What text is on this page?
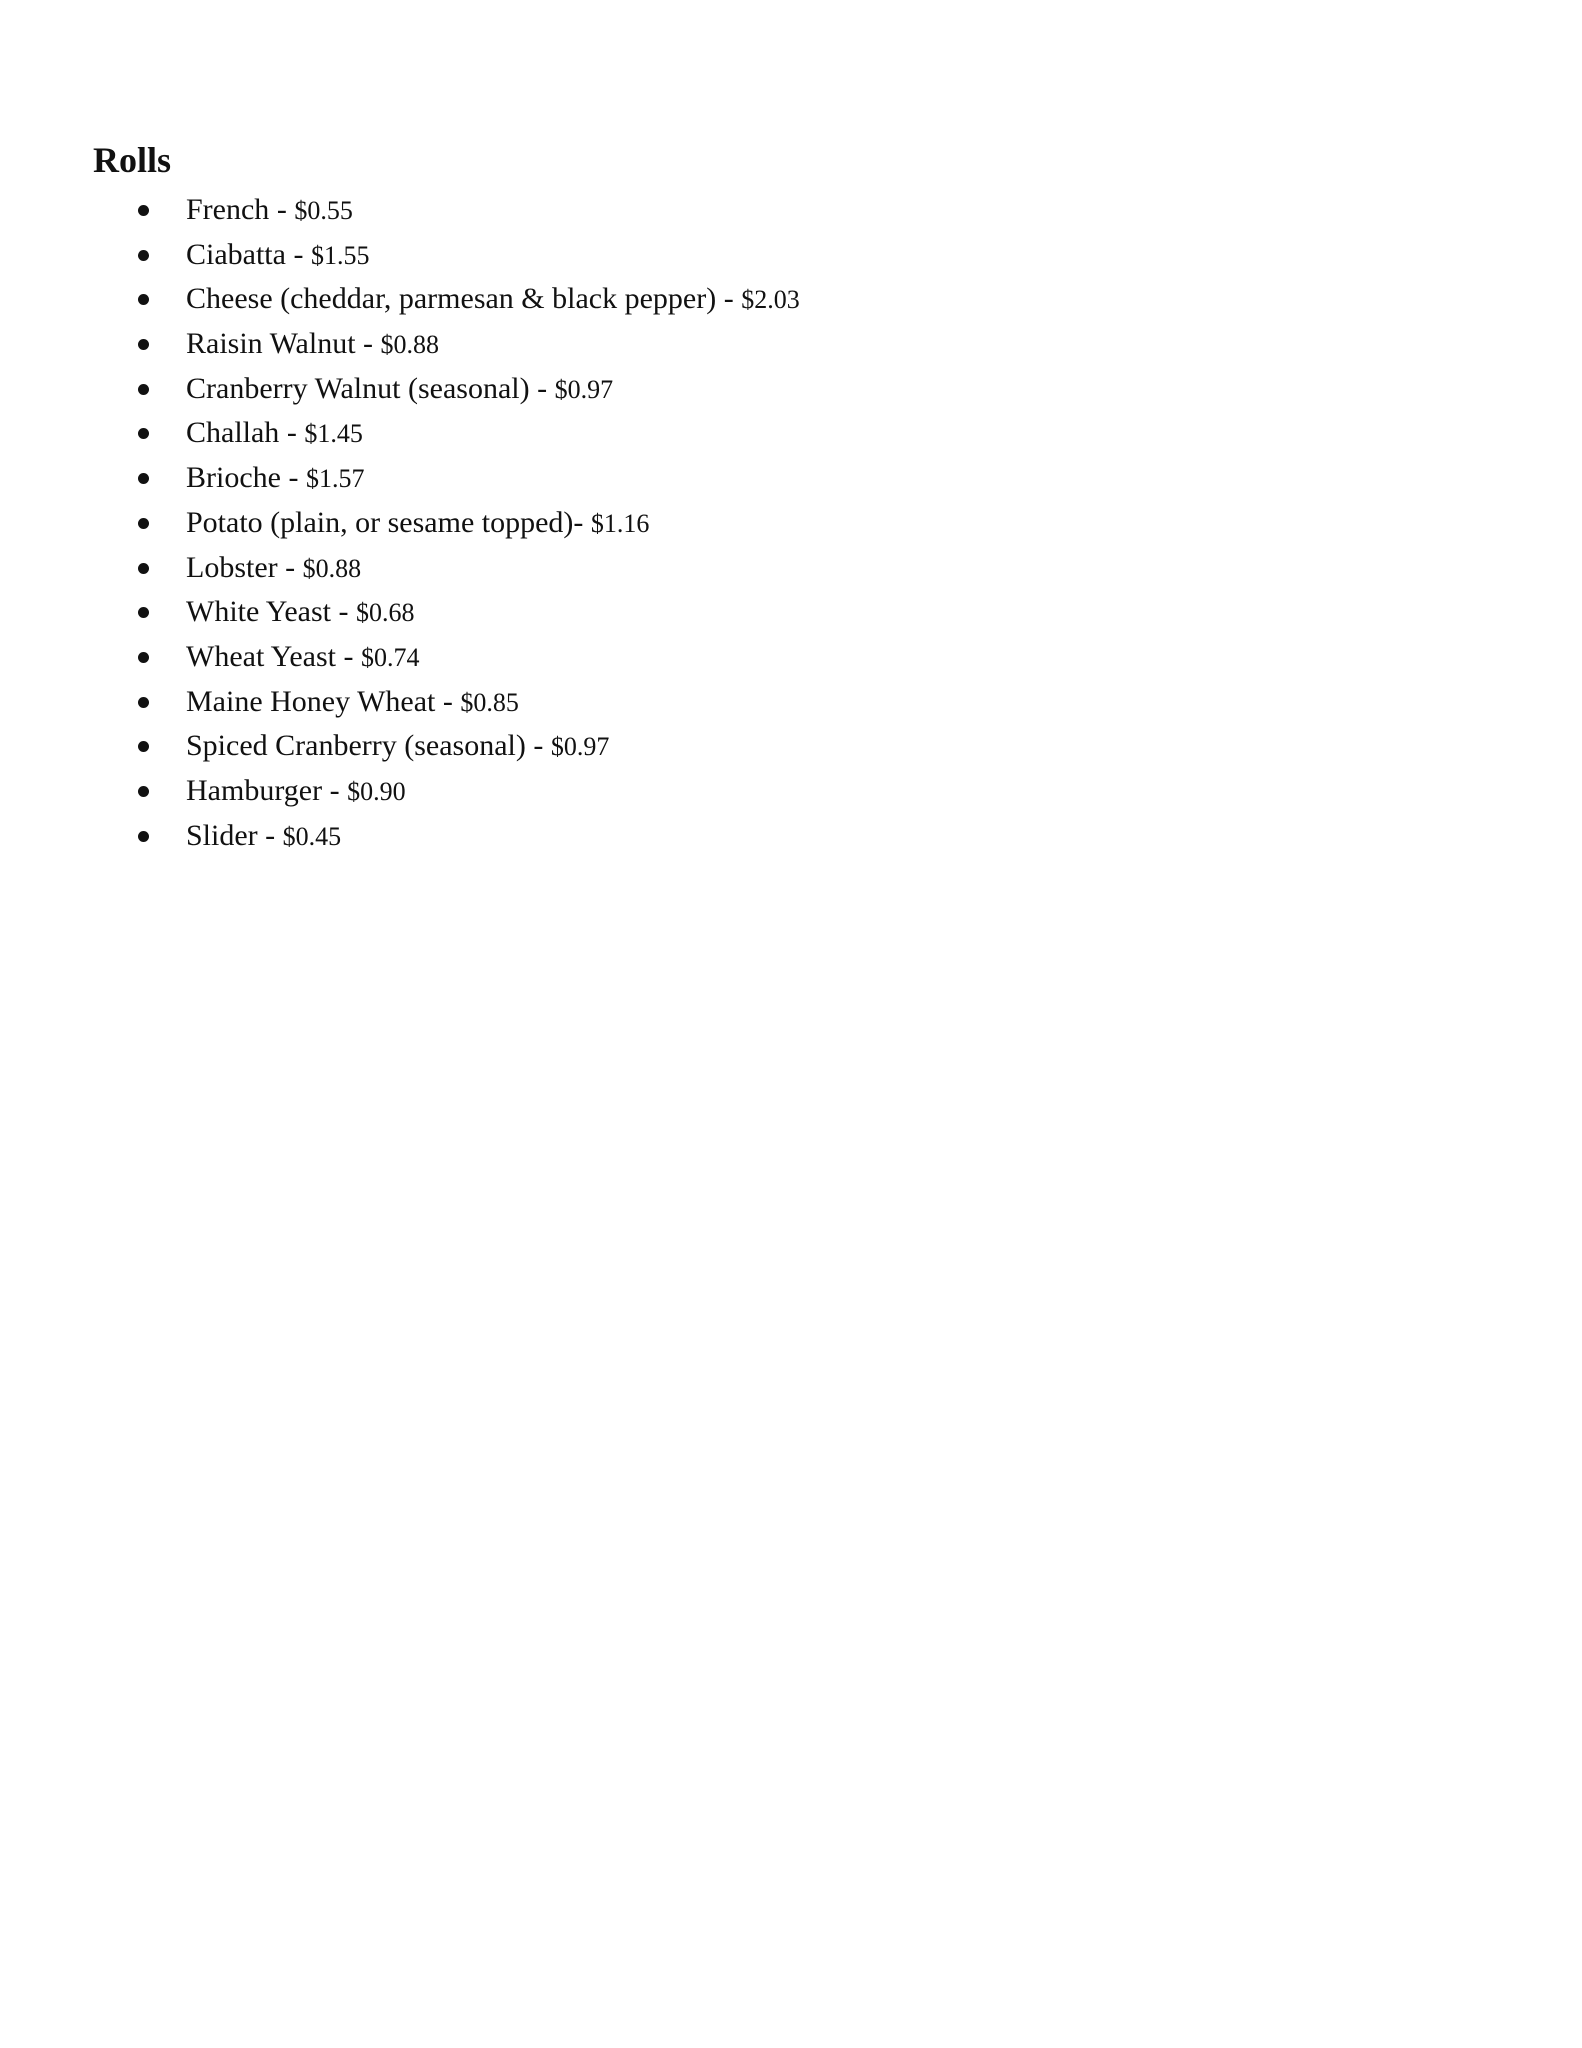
Rolls
French - $0.55
Ciabatta - $1.55
Cheese (cheddar, parmesan & black pepper) - $2.03
Raisin Walnut - $0.88
Cranberry Walnut (seasonal) - $0.97
Challah - $1.45
Brioche - $1.57
Potato (plain, or sesame topped)- $1.16
Lobster - $0.88
White Yeast - $0.68
Wheat Yeast - $0.74
Maine Honey Wheat - $0.85
Spiced Cranberry (seasonal) - $0.97
Hamburger - $0.90
Slider - $0.45
